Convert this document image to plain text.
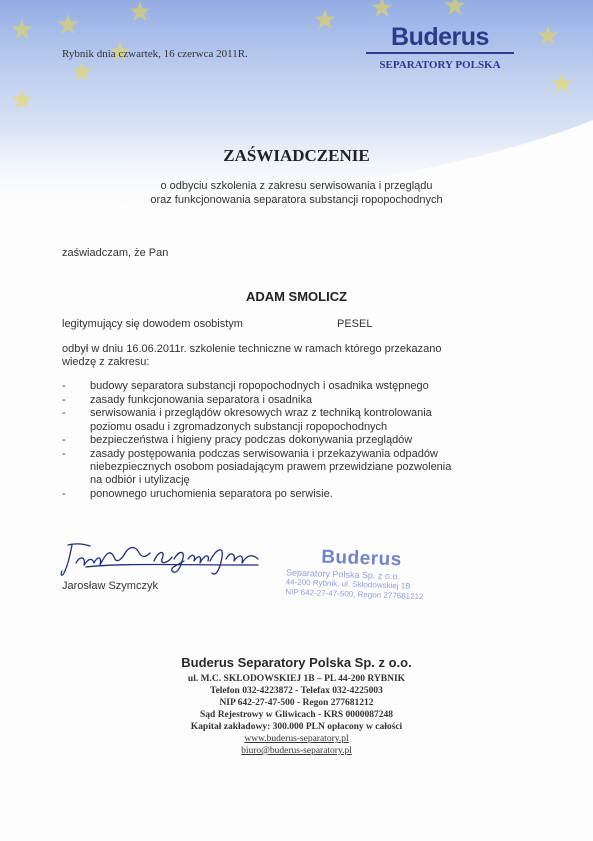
Rybnik dnia czwartek, 16 czerwca 2011R.
Buderus
SEPARATORY POLSKA
ZAŚWIADCZENIE
o odbyciu szkolenia z zakresu serwisowania i przeglądu
oraz funkcjonowania separatora substancji ropopochodnych
zaświadczam, że Pan
ADAM SMOLICZ
legitymujący się dowodem osobistym	PESEL
odbył w dniu 16.06.2011r. szkolenie techniczne w ramach którego przekazano
wiedzę z zakresu:
- budowy separatora substancji ropopochodnych i osadnika wstępnego
- zasady funkcjonowania separatora i osadnika
- serwisowania i przeglądów okresowych wraz z techniką kontrolowania
poziomu osadu i zgromadzonych substancji ropopochodnych
- bezpieczeństwa i higieny pracy podczas dokonywania przeglądów
- zasady postępowania podczas serwisowania i przekazywania odpadów
niebezpiecznych osobom posiadającym prawem przewidziane pozwolenia
na odbiór i utylizację
- ponownego uruchomienia separatora po serwisie.
Jarosław Szymczyk
Buderus
Separatory Polska Sp. z o.o.
44-200 Rybnik, ul. Skłodowskiej 1B
NIP 642-27-47-500, Regon 277681212
Buderus Separatory Polska Sp. z o.o.
ul. M.C. SKLODOWSKIEJ 1B – PL 44-200 RYBNIK
Telefon 032-4223872 - Telefax 032-4225003
NIP 642-27-47-500 - Regon 277681212
Sąd Rejestrowy w Gliwicach - KRS 0000087248
Kapitał zakładowy: 300.000 PLN opłacony w całości
www.buderus-separatory.pl
biuro@buderus-separatory.pl
